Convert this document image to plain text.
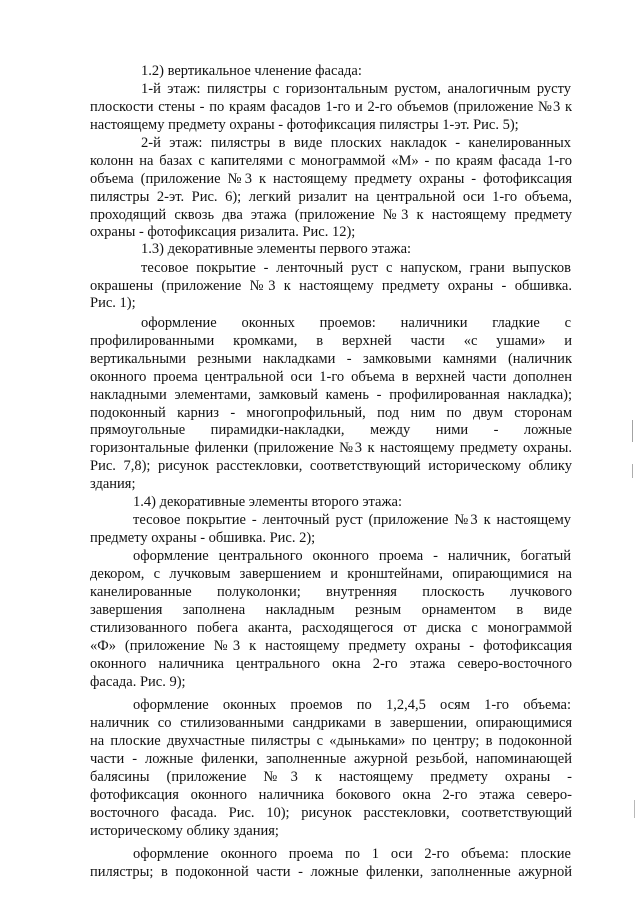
1.2) вертикальное членение фасада:
1-й этаж: пилястры с горизонтальным рустом, аналогичным русту
плоскости стены - по краям фасадов 1-го и 2-го объемов (приложение №3 к
настоящему предмету охраны - фотофиксация пилястры 1-эт. Рис. 5);
2-й этаж: пилястры в виде плоских накладок - канелированных
колонн на базах с капителями с монограммой «М» - по краям фасада 1-го
объема (приложение №3 к настоящему предмету охраны - фотофиксация
пилястры 2-эт. Рис. 6); легкий ризалит на центральной оси 1-го объема,
проходящий сквозь два этажа (приложение №3 к настоящему предмету
охраны - фотофиксация ризалита. Рис. 12);
1.3) декоративные элементы первого этажа:
тесовое покрытие - ленточный руст с напуском, грани выпусков
окрашены (приложение №3 к настоящему предмету охраны - обшивка.
Рис. 1);
оформление оконных проемов: наличники гладкие с
профилированными кромками, в верхней части «с ушами» и
вертикальными резными накладками - замковыми камнями (наличник
оконного проема центральной оси 1-го объема в верхней части дополнен
накладными элементами, замковый камень - профилированная накладка);
подоконный карниз - многопрофильный, под ним по двум сторонам
прямоугольные пирамидки-накладки, между ними - ложные
горизонтальные филенки (приложение №3 к настоящему предмету охраны.
Рис. 7,8); рисунок расстекловки, соответствующий историческому облику
здания;
1.4) декоративные элементы второго этажа:
тесовое покрытие - ленточный руст (приложение №3 к настоящему
предмету охраны - обшивка. Рис. 2);
оформление центрального оконного проема - наличник, богатый
декором, с лучковым завершением и кронштейнами, опирающимися на
канелированные полуколонки; внутренняя плоскость лучкового
завершения заполнена накладным резным орнаментом в виде
стилизованного побега аканта, расходящегося от диска с монограммой
«Ф» (приложение №3 к настоящему предмету охраны - фотофиксация
оконного наличника центрального окна 2-го этажа северо-восточного
фасада. Рис. 9);
оформление оконных проемов по 1,2,4,5 осям 1-го объема:
наличник со стилизованными сандриками в завершении, опирающимися
на плоские двухчастные пилястры с «дыньками» по центру; в подоконной
части - ложные филенки, заполненные ажурной резьбой, напоминающей
балясины (приложение №3 к настоящему предмету охраны -
фотофиксация оконного наличника бокового окна 2-го этажа северо-
восточного фасада. Рис. 10); рисунок расстекловки, соответствующий
историческому облику здания;
оформление оконного проема по 1 оси 2-го объема: плоские
пилястры; в подоконной части - ложные филенки, заполненные ажурной
